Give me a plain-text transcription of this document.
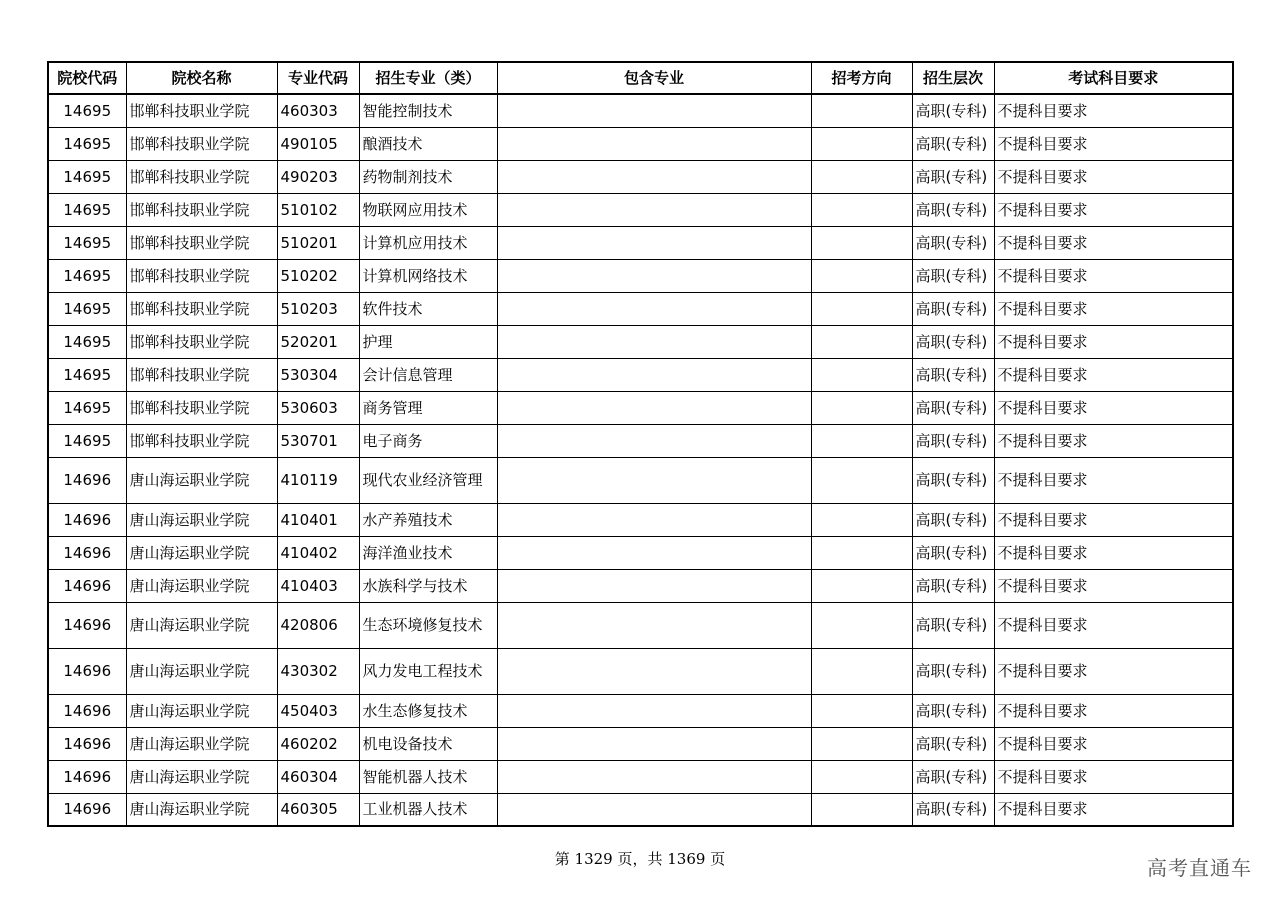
院校代码	院校名称	专业代码	招生专业（类）	包含专业	招考方向	招生层次	考试科目要求
14695	邯郸科技职业学院	460303	智能控制技术			高职(专科)	不提科目要求
14695	邯郸科技职业学院	490105	酿酒技术			高职(专科)	不提科目要求
14695	邯郸科技职业学院	490203	药物制剂技术			高职(专科)	不提科目要求
14695	邯郸科技职业学院	510102	物联网应用技术			高职(专科)	不提科目要求
14695	邯郸科技职业学院	510201	计算机应用技术			高职(专科)	不提科目要求
14695	邯郸科技职业学院	510202	计算机网络技术			高职(专科)	不提科目要求
14695	邯郸科技职业学院	510203	软件技术			高职(专科)	不提科目要求
14695	邯郸科技职业学院	520201	护理			高职(专科)	不提科目要求
14695	邯郸科技职业学院	530304	会计信息管理			高职(专科)	不提科目要求
14695	邯郸科技职业学院	530603	商务管理			高职(专科)	不提科目要求
14695	邯郸科技职业学院	530701	电子商务			高职(专科)	不提科目要求
14696	唐山海运职业学院	410119	现代农业经济管理			高职(专科)	不提科目要求
14696	唐山海运职业学院	410401	水产养殖技术			高职(专科)	不提科目要求
14696	唐山海运职业学院	410402	海洋渔业技术			高职(专科)	不提科目要求
14696	唐山海运职业学院	410403	水族科学与技术			高职(专科)	不提科目要求
14696	唐山海运职业学院	420806	生态环境修复技术			高职(专科)	不提科目要求
14696	唐山海运职业学院	430302	风力发电工程技术			高职(专科)	不提科目要求
14696	唐山海运职业学院	450403	水生态修复技术			高职(专科)	不提科目要求
14696	唐山海运职业学院	460202	机电设备技术			高职(专科)	不提科目要求
14696	唐山海运职业学院	460304	智能机器人技术			高职(专科)	不提科目要求
14696	唐山海运职业学院	460305	工业机器人技术			高职(专科)	不提科目要求
第 1329 页，共 1369 页	高考直通车
